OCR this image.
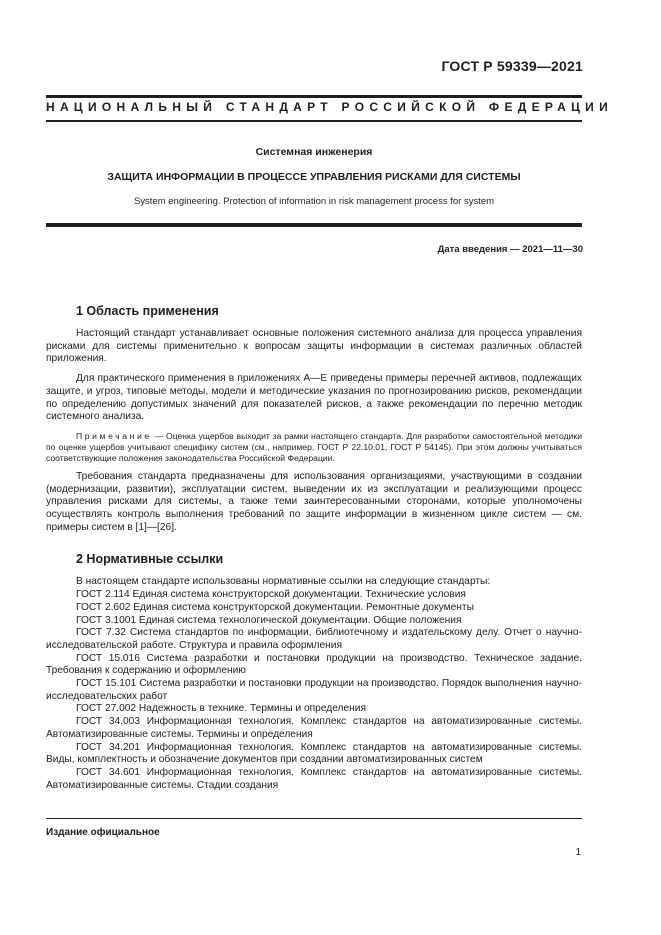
ГОСТ Р 59339—2021
НАЦИОНАЛЬНЫЙ СТАНДАРТ РОССИЙСКОЙ ФЕДЕРАЦИИ
Системная инженерия
ЗАЩИТА ИНФОРМАЦИИ В ПРОЦЕССЕ УПРАВЛЕНИЯ РИСКАМИ ДЛЯ СИСТЕМЫ
System engineering. Protection of information in risk management process for system
Дата введения — 2021—11—30
1 Область применения

Настоящий стандарт устанавливает основные положения системного анализа для процесса управления рисками для системы применительно к вопросам защиты информации в системах различных областей приложения.

Для практического применения в приложениях А—Е приведены примеры перечней активов, подлежащих защите, и угроз, типовые методы, модели и методические указания по прогнозированию рисков, рекомендации по определению допустимых значений для показателей рисков, а также рекомендации по перечню методик системного анализа.

Примечание — Оценка ущербов выходит за рамки настоящего стандарта. Для разработки самостоятельной методики по оценке ущербов учитывают специфику систем (см., например, ГОСТ Р 22.10.01, ГОСТ Р 54145). При этом должны учитываться соответствующие положения законодательства Российской Федерации.

Требования стандарта предназначены для использования организациями, участвующими в создании (модернизации, развитии), эксплуатации систем, выведении их из эксплуатации и реализующими процесс управления рисками для системы, а также теми заинтересованными сторонами, которые уполномочены осуществлять контроль выполнения требований по защите информации в жизненном цикле систем — см. примеры систем в [1]—[26].

2 Нормативные ссылки
В настоящем стандарте использованы нормативные ссылки на следующие стандарты:
ГОСТ 2.114 Единая система конструкторской документации. Технические условия
ГОСТ 2.602 Единая система конструкторской документации. Ремонтные документы
ГОСТ 3.1001 Единая система технологической документации. Общие положения
ГОСТ 7.32 Система стандартов по информации, библиотечному и издательскому делу. Отчет о научно-исследовательской работе. Структура и правила оформления
ГОСТ 15.016 Система разработки и постановки продукции на производство. Техническое задание. Требования к содержанию и оформлению
ГОСТ 15.101 Система разработки и постановки продукции на производство. Порядок выполнения научно-исследовательских работ
ГОСТ 27.002 Надежность в технике. Термины и определения
ГОСТ 34.003 Информационная технология. Комплекс стандартов на автоматизированные системы. Автоматизированные системы. Термины и определения
ГОСТ 34.201 Информационная технология. Комплекс стандартов на автоматизированные системы. Виды, комплектность и обозначение документов при создании автоматизированных систем
ГОСТ 34.601 Информационная технология. Комплекс стандартов на автоматизированные системы. Автоматизированные системы. Стадии создания
Издание официальное
1
